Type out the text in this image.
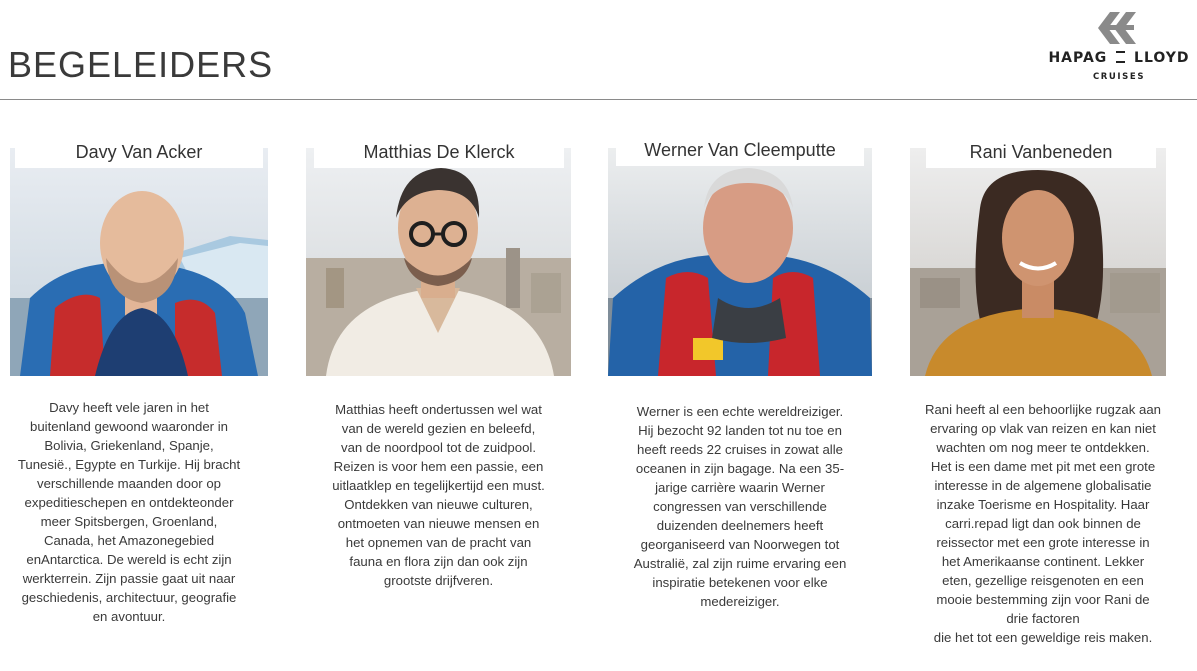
BEGELEIDERS	HAPAG LLOYD
CRUISES
Davy Van Acker
Davy heeft vele jaren in het
buitenland gewoond waaronder in
Bolivia, Griekenland, Spanje,
Tunesië., Egypte en Turkije. Hij bracht
verschillende maanden door op
expeditieschepen en ontdekteonder
meer Spitsbergen, Groenland,
Canada, het Amazonegebied
enAntarctica. De wereld is echt zijn
werkterrein. Zijn passie gaat uit naar
geschiedenis, architectuur, geografie
en avontuur.
Matthias De Klerck
Matthias heeft ondertussen wel wat
van de wereld gezien en beleefd,
van de noordpool tot de zuidpool.
Reizen is voor hem een passie, een
uitlaatklep en tegelijkertijd een must.
Ontdekken van nieuwe culturen,
ontmoeten van nieuwe mensen en
het opnemen van de pracht van
fauna en flora zijn dan ook zijn
grootste drijfveren.
Werner Van Cleemputte
Werner is een echte wereldreiziger.
Hij bezocht 92 landen tot nu toe en
heeft reeds 22 cruises in zowat alle
oceanen in zijn bagage. Na een 35-
jarige carrière waarin Werner
congressen van verschillende
duizenden deelnemers heeft
georganiseerd van Noorwegen tot
Australië, zal zijn ruime ervaring een
inspiratie betekenen voor elke
medereiziger.
Rani Vanbeneden
Rani heeft al een behoorlijke rugzak aan
ervaring op vlak van reizen en kan niet
wachten om nog meer te ontdekken.
Het is een dame met pit met een grote
interesse in de algemene globalisatie
inzake Toerisme en Hospitality. Haar
carri.repad ligt dan ook binnen de
reissector met een grote interesse in
het Amerikaanse continent. Lekker
eten, gezellige reisgenoten en een
mooie bestemming zijn voor Rani de
drie factoren
die het tot een geweldige reis maken.
